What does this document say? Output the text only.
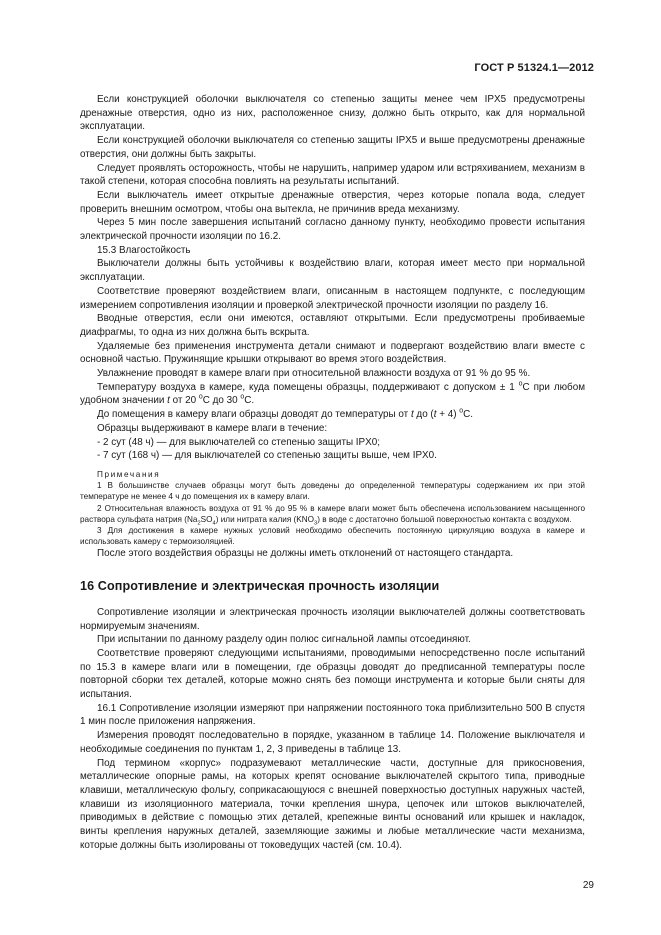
ГОСТ Р 51324.1—2012

Если конструкцией оболочки выключателя со степенью защиты менее чем IPX5 предусмотрены дренажные отверстия, одно из них, расположенное снизу, должно быть открыто, как для нормальной эксплуатации.

Если конструкцией оболочки выключателя со степенью защиты IPX5 и выше предусмотрены дренажные отверстия, они должны быть закрыты.

Следует проявлять осторожность, чтобы не нарушить, например ударом или встряхиванием, механизм в такой степени, которая способна повлиять на результаты испытаний.

Если выключатель имеет открытые дренажные отверстия, через которые попала вода, следует проверить внешним осмотром, чтобы она вытекла, не причинив вреда механизму.

Через 5 мин после завершения испытаний согласно данному пункту, необходимо провести испытания электрической прочности изоляции по 16.2.

15.3 Влагостойкость

Выключатели должны быть устойчивы к воздействию влаги, которая имеет место при нормальной эксплуатации.

Соответствие проверяют воздействием влаги, описанным в настоящем подпункте, с последующим измерением сопротивления изоляции и проверкой электрической прочности изоляции по разделу 16.

Вводные отверстия, если они имеются, оставляют открытыми. Если предусмотрены пробиваемые диафрагмы, то одна из них должна быть вскрыта.

Удаляемые без применения инструмента детали снимают и подвергают воздействию влаги вместе с основной частью. Пружинящие крышки открывают во время этого воздействия.

Увлажнение проводят в камере влаги при относительной влажности воздуха от 91 % до 95 %.

Температуру воздуха в камере, куда помещены образцы, поддерживают с допуском ± 1 $^о$С при любом удобном значении t от 20 $^о$С до 30 $^о$С.

До помещения в камеру влаги образцы доводят до температуры от t до (t + 4) $^о$С.

Образцы выдерживают в камере влаги в течение:

- 2 сут (48 ч) — для выключателей со степенью защиты IPX0;

- 7 сут (168 ч) — для выключателей со степенью защиты выше, чем IPX0.

Примечания

1 В большинстве случаев образцы могут быть доведены до определенной температуры содержанием их при этой температуре не менее 4 ч до помещения их в камеру влаги.

2 Относительная влажность воздуха от 91 % до 95 % в камере влаги может быть обеспечена использованием насыщенного раствора сульфата натрия $(Na_2SO_4)$ или нитрата калия $(KNO_3)$ в воде с достаточно большой поверхностью контакта с воздухом.

3 Для достижения в камере нужных условий необходимо обеспечить постоянную циркуляцию воздуха в камере и использовать камеру с термоизоляцией.

После этого воздействия образцы не должны иметь отклонений от настоящего стандарта.

16 Сопротивление и электрическая прочность изоляции

Сопротивление изоляции и электрическая прочность изоляции выключателей должны соответствовать нормируемым значениям.

При испытании по данному разделу один полюс сигнальной лампы отсоединяют.

Соответствие проверяют следующими испытаниями, проводимыми непосредственно после испытаний по 15.3 в камере влаги или в помещении, где образцы доводят до предписанной температуры после повторной сборки тех деталей, которые можно снять без помощи инструмента и которые были сняты для испытания.

16.1 Сопротивление изоляции измеряют при напряжении постоянного тока приблизительно 500 В спустя 1 мин после приложения напряжения.

Измерения проводят последовательно в порядке, указанном в таблице 14. Положение выключателя и необходимые соединения по пунктам 1, 2, 3 приведены в таблице 13.

Под термином «корпус» подразумевают металлические части, доступные для прикосновения, металлические опорные рамы, на которых крепят основание выключателей скрытого типа, приводные клавиши, металлическую фольгу, соприкасающуюся с внешней поверхностью доступных наружных частей, клавиши из изоляционного материала, точки крепления шнура, цепочек или штоков выключателей, приводимых в действие с помощью этих деталей, крепежные винты оснований или крышек и накладок, винты крепления наружных деталей, заземляющие зажимы и любые металлические части механизма, которые должны быть изолированы от токоведущих частей (см. 10.4).

29
